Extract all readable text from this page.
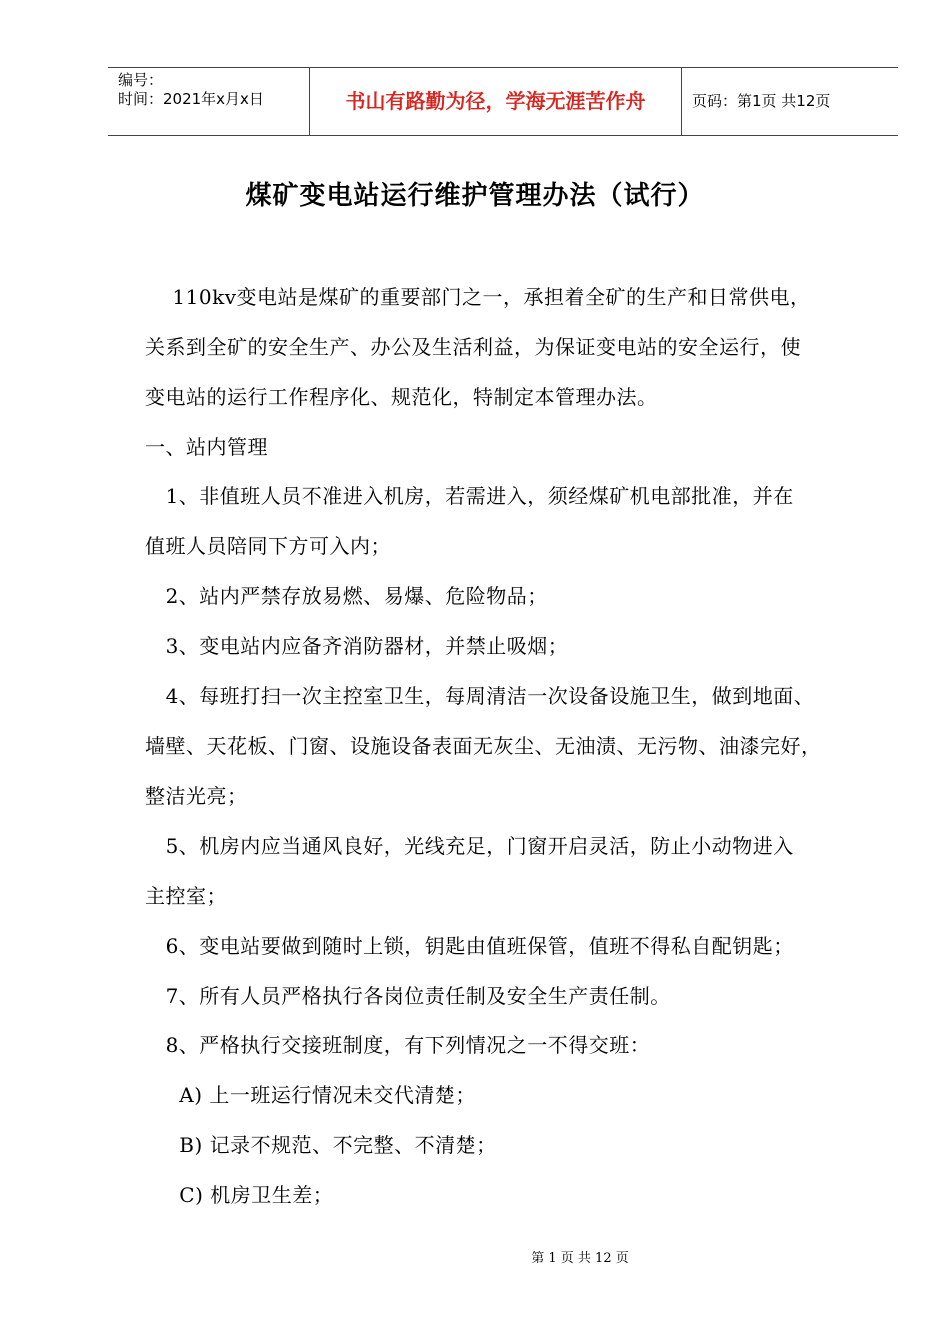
编号：
时间：2021年x月x日	书山有路勤为径，学海无涯苦作舟	页码：第1页 共12页
煤矿变电站运行维护管理办法（试行）
110kv变电站是煤矿的重要部门之一，承担着全矿的生产和日常供电，
关系到全矿的安全生产、办公及生活利益，为保证变电站的安全运行，使
变电站的运行工作程序化、规范化，特制定本管理办法。
一、站内管理
1、非值班人员不准进入机房，若需进入，须经煤矿机电部批准，并在
值班人员陪同下方可入内；
2、站内严禁存放易燃、易爆、危险物品；
3、变电站内应备齐消防器材，并禁止吸烟；
4、每班打扫一次主控室卫生，每周清洁一次设备设施卫生，做到地面、
墙壁、天花板、门窗、设施设备表面无灰尘、无油渍、无污物、油漆完好，
整洁光亮；
5、机房内应当通风良好，光线充足，门窗开启灵活，防止小动物进入
主控室；
6、变电站要做到随时上锁，钥匙由值班保管，值班不得私自配钥匙；
7、所有人员严格执行各岗位责任制及安全生产责任制。
8、严格执行交接班制度，有下列情况之一不得交班：
A) 上一班运行情况未交代清楚；
B) 记录不规范、不完整、不清楚；
C) 机房卫生差；
第 1 页 共 12 页
